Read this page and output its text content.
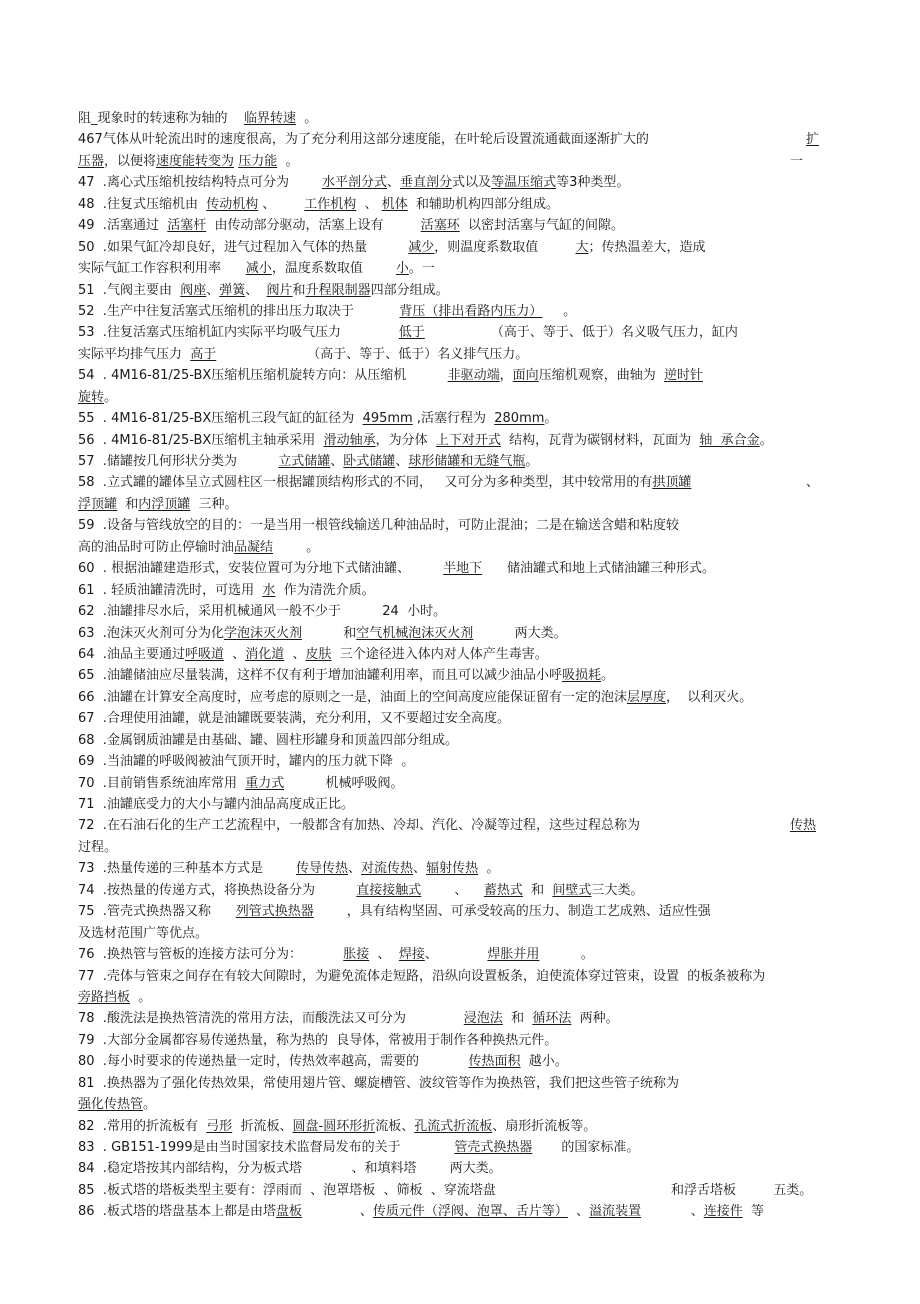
阻_现象时的转速称为轴的    临界转速  。
467气体从叶轮流出时的速度很高，为了充分利用这部分速度能，在叶轮后设置流通截面逐渐扩大的	扩
压器，以便将速度能转变为 压力能  。	一
47  .离心式压缩机按结构特点可分为        水平剖分式、垂直剖分式以及等温压缩式等3种类型。
48  .往复式压缩机由  传动机构 、       工作机构  、 机体  和辅助机构四部分组成。
49  .活塞通过  活塞杆  由传动部分驱动，活塞上设有         活塞环  以密封活塞与气缸的间隙。
50  .如果气缸冷却良好，进气过程加入气体的热量          减少，则温度系数取值         大；传热温差大，造成
实际气缸工作容积利用率      减小，温度系数取值        小。一
51  .气阀主要由  阀座、弹簧、  阀片和升程限制器四部分组成。
52  .生产中往复活塞式压缩机的排出压力取决于           背压（排出看路内压力）     。
53  .往复活塞式压缩机缸内实际平均吸气压力              低于                （高于、等于、低于）名义吸气压力，缸内
实际平均排气压力  高于                      （高于、等于、低于）名义排气压力。
54  . 4M16-81/25-BX压缩机压缩机旋转方向：从压缩机          非驱动端，面向压缩机观察，曲轴为  逆时针
旋转。
55  . 4M16-81/25-BX压缩机三段气缸的缸径为  495mm ,活塞行程为  280mm。
56  . 4M16-81/25-BX压缩机主轴承采用  滑动轴承，为分体  上下对开式  结构，瓦背为碳钢材料，瓦面为  轴  承合金。
57  .储罐按几何形状分类为          立式储罐、卧式储罐、球形储罐和无缝气瓶。
58  .立式罐的罐体呈立式圆柱区一根据罐顶结构形式的不同，   又可分为多种类型，其中较常用的有拱顶罐	、
浮顶罐  和内浮顶罐  三种。
59  .设备与管线放空的目的：一是当用一根管线输送几种油品时，可防止混油；二是在输送含蜡和粘度较
高的油品时可防止停输时油品凝结        。
60  . 根据油罐建造形式，安装位置可为分地下式储油罐、        半地下      储油罐式和地上式储油罐三种形式。
61  . 轻质油罐清洗时，可选用  水  作为清洗介质。
62  .油罐排尽水后，采用机械通风一般不少于          24  小时。
63  .泡沫灭火剂可分为化学泡沫灭火剂          和空气机械泡沫灭火剂          两大类。
64  .油品主要通过呼吸道  、消化道  、皮肤  三个途径进入体内对人体产生毒害。
65  .油罐储油应尽量装满，这样不仅有利于增加油罐利用率，而且可以减少油品小呼吸损耗。
66  .油罐在计算安全高度时，应考虑的原则之一是，油面上的空间高度应能保证留有一定的泡沫层厚度，  以利灭火。
67  .合理使用油罐，就是油罐既要装满，充分利用，又不要超过安全高度。
68  .金属钢质油罐是由基础、罐、圆柱形罐身和顶盖四部分组成。
69  .当油罐的呼吸阀被油气顶开时，罐内的压力就下降  。
70  .目前销售系统油库常用  重力式          机械呼吸阀。
71  .油罐底受力的大小与罐内油品高度成正比。
72  .在石油石化的生产工艺流程中，一般都含有加热、冷却、汽化、冷凝等过程，这些过程总称为	传热
过程。
73  .热量传递的三种基本方式是        传导传热、对流传热、辐射传热  。
74  .按热量的传递方式，将换热设备分为          直接接触式        、    蓄热式  和  间壁式三大类。
75  .管壳式换热器又称      列管式换热器        ，具有结构坚固、可承受较高的压力、制造工艺成熟、适应性强
及选材范围广等优点。
76  .换热管与管板的连接方法可分为：          胀接  、  焊接、            焊胀并用          。
77  .壳体与管束之间存在有较大间隙时，为避免流体走短路，沿纵向设置板条，迫使流体穿过管束，设置  的板条被称为
旁路挡板  。
78  .酸洗法是换热管清洗的常用方法，而酸洗法又可分为              浸泡法  和  循环法  两种。
79  .大部分金属都容易传递热量，称为热的  良导体，常被用于制作各种换热元件。
80  .每小时要求的传递热量一定时，传热效率越高，需要的            传热面积  越小。
81  .换热器为了强化传热效果，常使用翅片管、螺旋槽管、波纹管等作为换热管，我们把这些管子统称为
强化传热管。
82  .常用的折流板有  弓形  折流板、圆盘-圆环形折流板、孔流式折流板、扇形折流板等。
83  . GB151-1999是由当时国家技术监督局发布的关于             管壳式换热器       的国家标准。
84  .稳定塔按其内部结构，分为板式塔            、和填料塔        两大类。
85  .板式塔的塔板类型主要有：浮雨而  、泡罩塔板  、筛板  、穿流塔盘	和浮舌塔板         五类。
86  .板式塔的塔盘基本上都是由塔盘板              、传质元件（浮阀、泡罩、舌片等）  、溢流装置            、连接件  等
